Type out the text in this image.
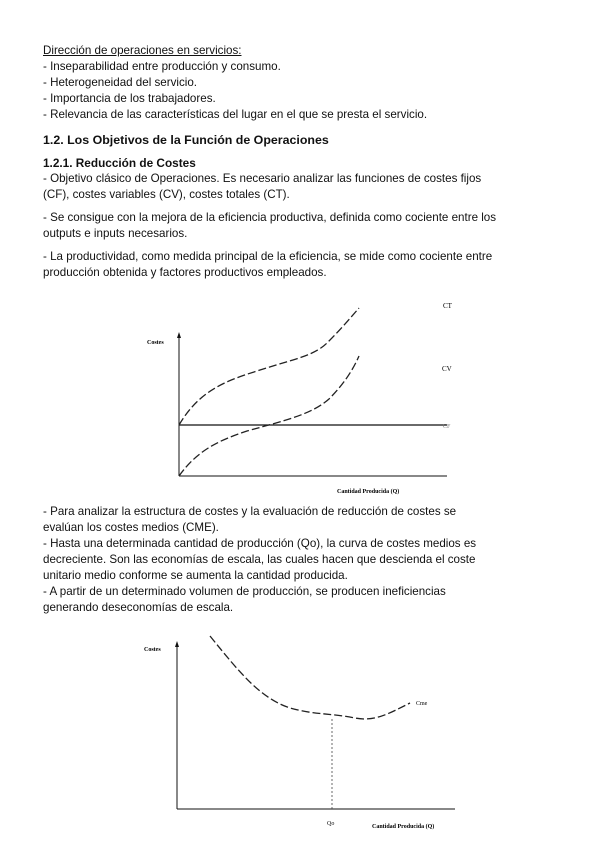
Dirección de operaciones en servicios:
- Inseparabilidad entre producción y consumo.
- Heterogeneidad del servicio.
- Importancia de los trabajadores.
- Relevancia de las características del lugar en el que se presta el servicio.
1.2. Los Objetivos de la Función de Operaciones
1.2.1. Reducción de Costes
- Objetivo clásico de Operaciones. Es necesario analizar las funciones de costes fijos
(CF), costes variables (CV), costes totales (CT).
- Se consigue con la mejora de la eficiencia productiva, definida como cociente entre los
outputs e inputs necesarios.
- La productividad, como medida principal de la eficiencia, se mide como cociente entre
producción obtenida y factores productivos empleados.
Costes
CT
CV
CF
Cantidad Producida (Q)
- Para analizar la estructura de costes y la evaluación de reducción de costes se
evalúan los costes medios (CME).
- Hasta una determinada cantidad de producción (Qo), la curva de costes medios es
decreciente. Son las economías de escala, las cuales hacen que descienda el coste
unitario medio conforme se aumenta la cantidad producida.
- A partir de un determinado volumen de producción, se producen ineficiencias
generando deseconomías de escala.
Costes
Cme
Qo	Cantidad Producida (Q)
